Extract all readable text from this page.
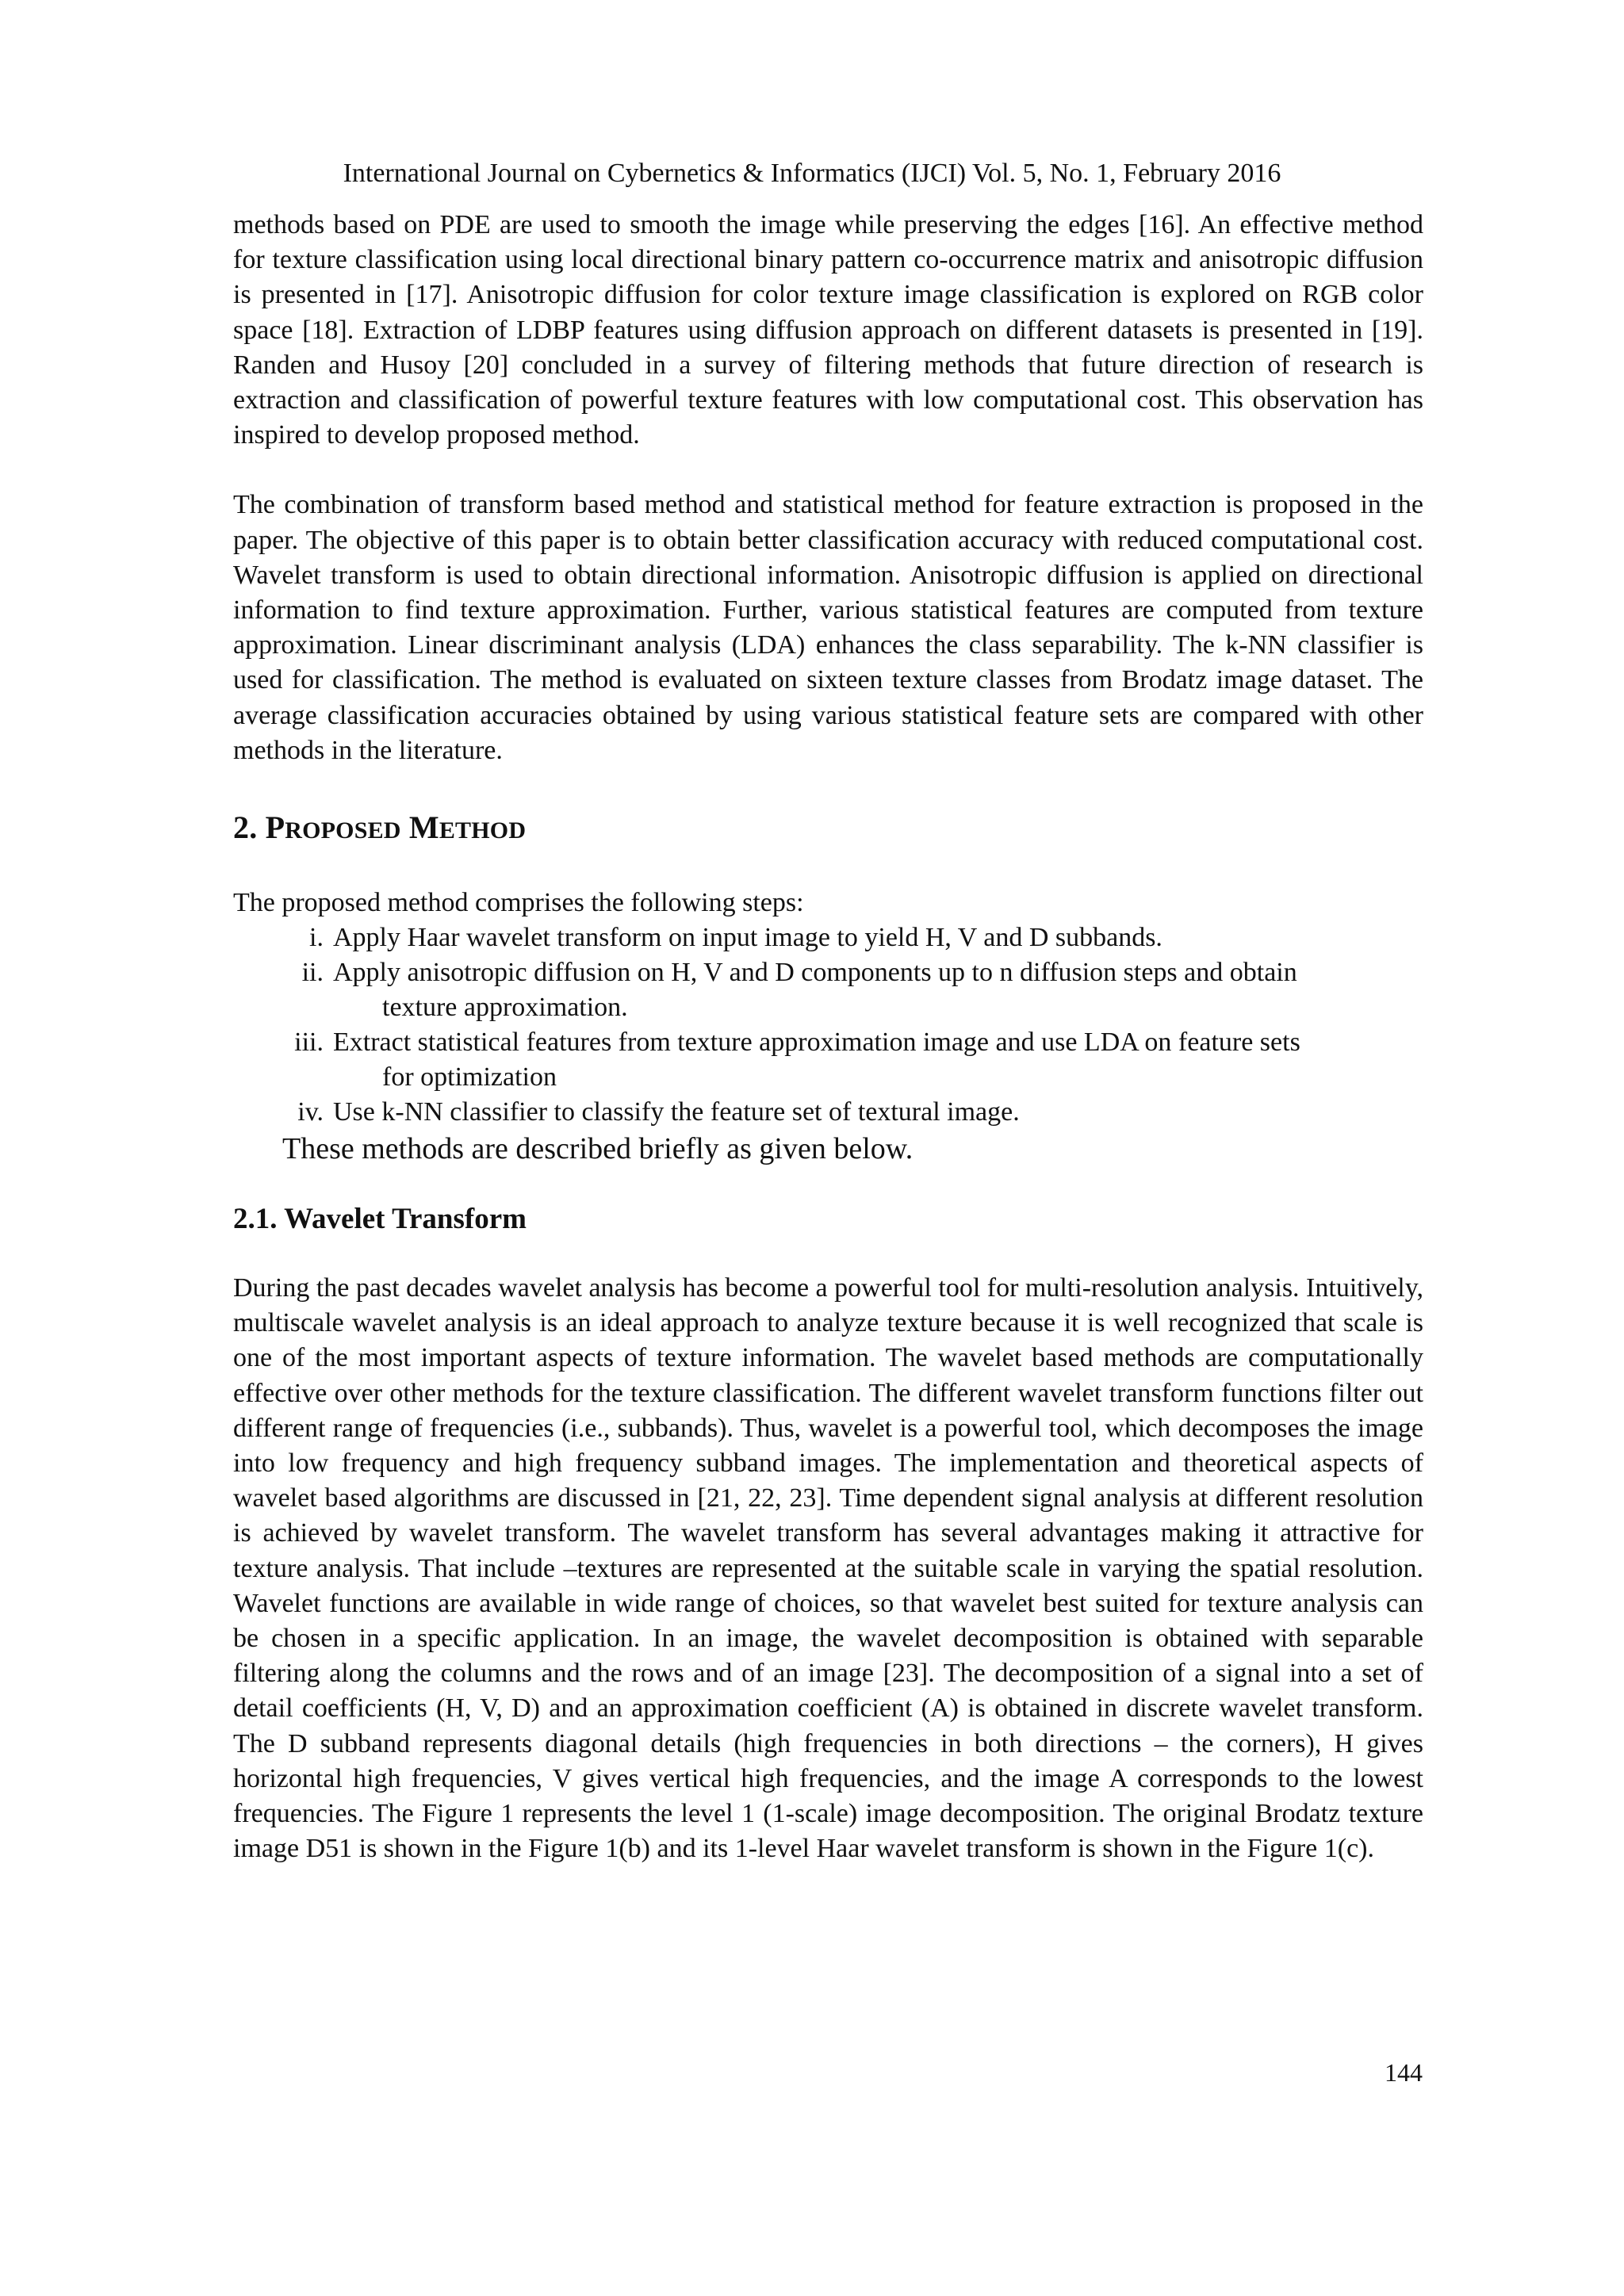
International Journal on Cybernetics & Informatics (IJCI) Vol. 5, No. 1, February 2016

methods based on PDE are used to smooth the image while preserving the edges [16]. An effective method for texture classification using local directional binary pattern co-occurrence matrix and anisotropic diffusion is presented in [17]. Anisotropic diffusion for color texture image classification is explored on RGB color space [18]. Extraction of LDBP features using diffusion approach on different datasets is presented in [19]. Randen and Husoy [20] concluded in a survey of filtering methods that future direction of research is extraction and classification of powerful texture features with low computational cost. This observation has inspired to develop proposed method.

The combination of transform based method and statistical method for feature extraction is proposed in the paper. The objective of this paper is to obtain better classification accuracy with reduced computational cost. Wavelet transform is used to obtain directional information. Anisotropic diffusion is applied on directional information to find texture approximation. Further, various statistical features are computed from texture approximation. Linear discriminant analysis (LDA) enhances the class separability. The k-NN classifier is used for classification. The method is evaluated on sixteen texture classes from Brodatz image dataset. The average classification accuracies obtained by using various statistical feature sets are compared with other methods in the literature.

2. PROPOSED METHOD

The proposed method comprises the following steps:

i. Apply Haar wavelet transform on input image to yield H, V and D subbands.
ii. Apply anisotropic diffusion on H, V and D components up to n diffusion steps and obtain
texture approximation.
iii. Extract statistical features from texture approximation image and use LDA on feature sets
for optimization
iv. Use k-NN classifier to classify the feature set of textural image.

These methods are described briefly as given below.

2.1. Wavelet Transform

During the past decades wavelet analysis has become a powerful tool for multi-resolution analysis. Intuitively, multiscale wavelet analysis is an ideal approach to analyze texture because it is well recognized that scale is one of the most important aspects of texture information. The wavelet based methods are computationally effective over other methods for the texture classification. The different wavelet transform functions filter out different range of frequencies (i.e., subbands). Thus, wavelet is a powerful tool, which decomposes the image into low frequency and high frequency subband images. The implementation and theoretical aspects of wavelet based algorithms are discussed in [21, 22, 23]. Time dependent signal analysis at different resolution is achieved by wavelet transform. The wavelet transform has several advantages making it attractive for texture analysis. That include –textures are represented at the suitable scale in varying the spatial resolution. Wavelet functions are available in wide range of choices, so that wavelet best suited for texture analysis can be chosen in a specific application. In an image, the wavelet decomposition is obtained with separable filtering along the columns and the rows and of an image [23]. The decomposition of a signal into a set of detail coefficients (H, V, D) and an approximation coefficient (A) is obtained in discrete wavelet transform. The D subband represents diagonal details (high frequencies in both directions – the corners), H gives horizontal high frequencies, V gives vertical high frequencies, and the image A corresponds to the lowest frequencies. The Figure 1 represents the level 1 (1-scale) image decomposition. The original Brodatz texture image D51 is shown in the Figure 1(b) and its 1-level Haar wavelet transform is shown in the Figure 1(c).

144
